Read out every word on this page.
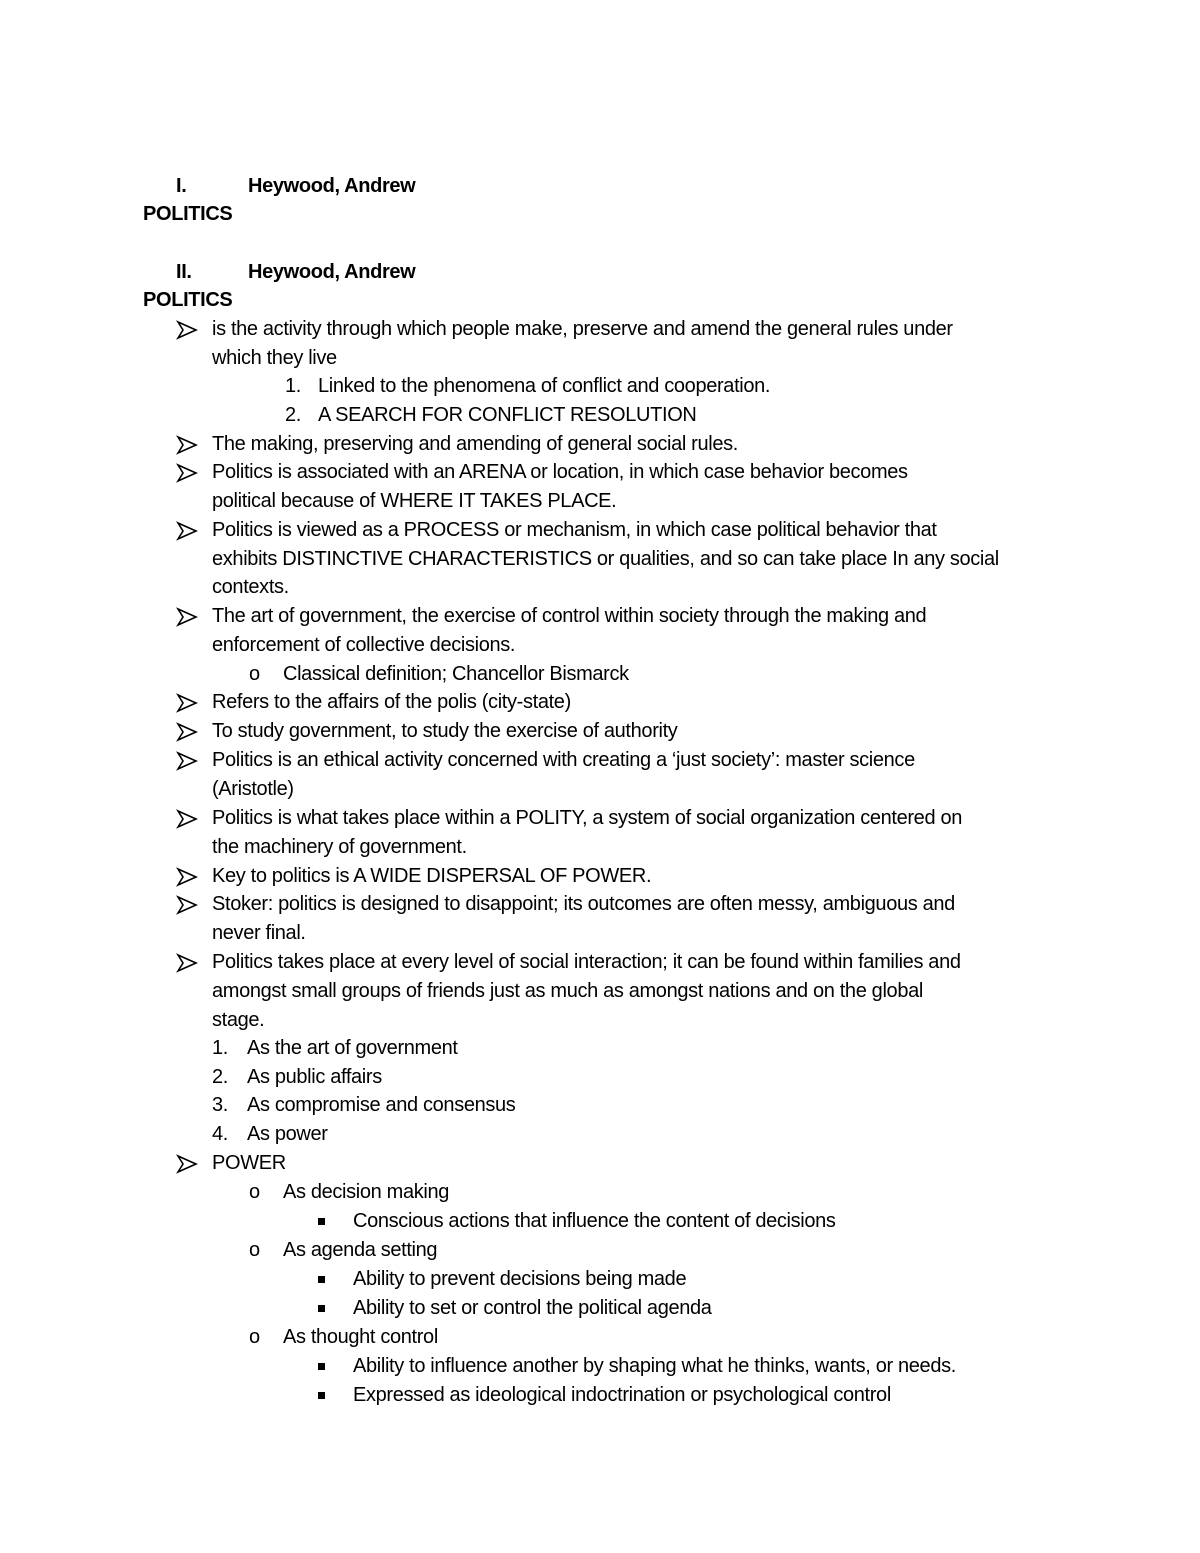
I.	Heywood, Andrew
POLITICS
II.	Heywood, Andrew
POLITICS
is the activity through which people make, preserve and amend the general rules under
which they live
1. Linked to the phenomena of conflict and cooperation.
2. A SEARCH FOR CONFLICT RESOLUTION
The making, preserving and amending of general social rules.
Politics is associated with an ARENA or location, in which case behavior becomes
political because of WHERE IT TAKES PLACE.
Politics is viewed as a PROCESS or mechanism, in which case political behavior that
exhibits DISTINCTIVE CHARACTERISTICS or qualities, and so can take place In any social
contexts.
The art of government, the exercise of control within society through the making and
enforcement of collective decisions.
o Classical definition; Chancellor Bismarck
Refers to the affairs of the polis (city-state)
To study government, to study the exercise of authority
Politics is an ethical activity concerned with creating a ‘just society’: master science
(Aristotle)
Politics is what takes place within a POLITY, a system of social organization centered on
the machinery of government.
Key to politics is A WIDE DISPERSAL OF POWER.
Stoker: politics is designed to disappoint; its outcomes are often messy, ambiguous and
never final.
Politics takes place at every level of social interaction; it can be found within families and
amongst small groups of friends just as much as amongst nations and on the global
stage.
1. As the art of government
2. As public affairs
3. As compromise and consensus
4. As power
POWER
o As decision making
Conscious actions that influence the content of decisions
o As agenda setting
Ability to prevent decisions being made
Ability to set or control the political agenda
o As thought control
Ability to influence another by shaping what he thinks, wants, or needs.
Expressed as ideological indoctrination or psychological control
